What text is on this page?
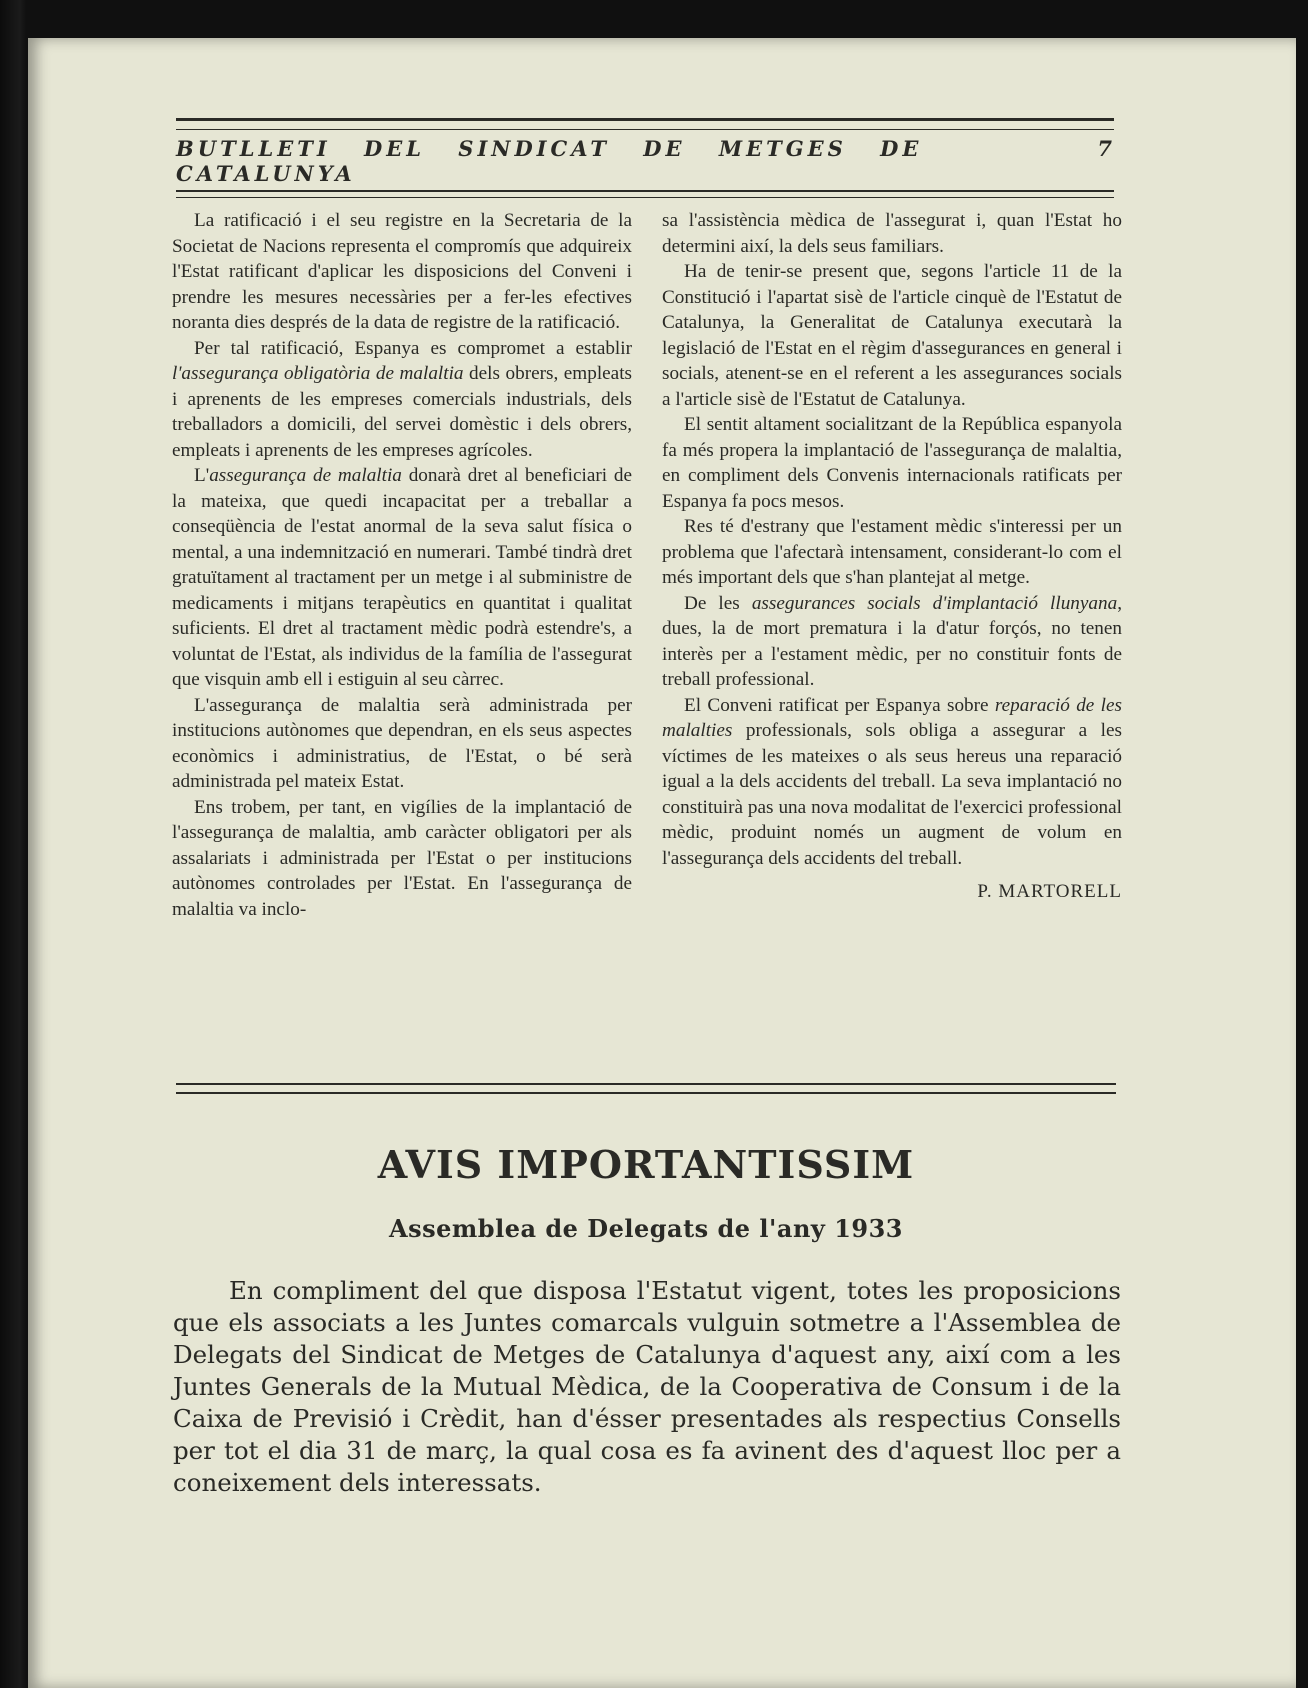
BUTLLETI DEL SINDICAT DE METGES DE CATALUNYA
7

La ratificació i el seu registre en la Secretaria de la Societat de Nacions representa el compromís que adquireix l'Estat ratificant d'aplicar les disposicions del Conveni i prendre les mesures necessàries per a fer-les efectives noranta dies després de la data de registre de la ratificació.

Per tal ratificació, Espanya es compromet a establir l'assegurança obligatòria de malaltia dels obrers, empleats i aprenents de les empreses comercials industrials, dels treballadors a domicili, del servei domèstic i dels obrers, empleats i aprenents de les empreses agrícoles.

L'assegurança de malaltia donarà dret al beneficiari de la mateixa, que quedi incapacitat per a treballar a conseqüència de l'estat anormal de la seva salut física o mental, a una indemnització en numerari. També tindrà dret gratuïtament al tractament per un metge i al subministre de medicaments i mitjans terapèutics en quantitat i qualitat suficients. El dret al tractament mèdic podrà estendre's, a voluntat de l'Estat, als individus de la família de l'assegurat que visquin amb ell i estiguin al seu càrrec.

L'assegurança de malaltia serà administrada per institucions autònomes que dependran, en els seus aspectes econòmics i administratius, de l'Estat, o bé serà administrada pel mateix Estat.

Ens trobem, per tant, en vigílies de la implantació de l'assegurança de malaltia, amb caràcter obligatori per als assalariats i administrada per l'Estat o per institucions autònomes controlades per l'Estat. En l'assegurança de malaltia va inclo-

sa l'assistència mèdica de l'assegurat i, quan l'Estat ho determini així, la dels seus familiars.

Ha de tenir-se present que, segons l'article 11 de la Constitució i l'apartat sisè de l'article cinquè de l'Estatut de Catalunya, la Generalitat de Catalunya executarà la legislació de l'Estat en el règim d'assegurances en general i socials, atenent-se en el referent a les assegurances socials a l'article sisè de l'Estatut de Catalunya.

El sentit altament socialitzant de la República espanyola fa més propera la implantació de l'assegurança de malaltia, en compliment dels Convenis internacionals ratificats per Espanya fa pocs mesos.

Res té d'estrany que l'estament mèdic s'interessi per un problema que l'afectarà intensament, considerant-lo com el més important dels que s'han plantejat al metge.

De les assegurances socials d'implantació llunyana, dues, la de mort prematura i la d'atur forçós, no tenen interès per a l'estament mèdic, per no constituir fonts de treball professional.

El Conveni ratificat per Espanya sobre reparació de les malalties professionals, sols obliga a assegurar a les víctimes de les mateixes o als seus hereus una reparació igual a la dels accidents del treball. La seva implantació no constituirà pas una nova modalitat de l'exercici professional mèdic, produint només un augment de volum en l'assegurança dels accidents del treball.

P. MARTORELL
AVIS IMPORTANTISSIM
Assemblea de Delegats de l'any 1933

En compliment del que disposa l'Estatut vigent, totes les proposicions que els associats a les Juntes comarcals vulguin sotmetre a l'Assemblea de Delegats del Sindicat de Metges de Catalunya d'aquest any, així com a les Juntes Generals de la Mutual Mèdica, de la Cooperativa de Consum i de la Caixa de Previsió i Crèdit, han d'ésser presentades als respectius Consells per tot el dia 31 de març, la qual cosa es fa avinent des d'aquest lloc per a coneixement dels interessats.
